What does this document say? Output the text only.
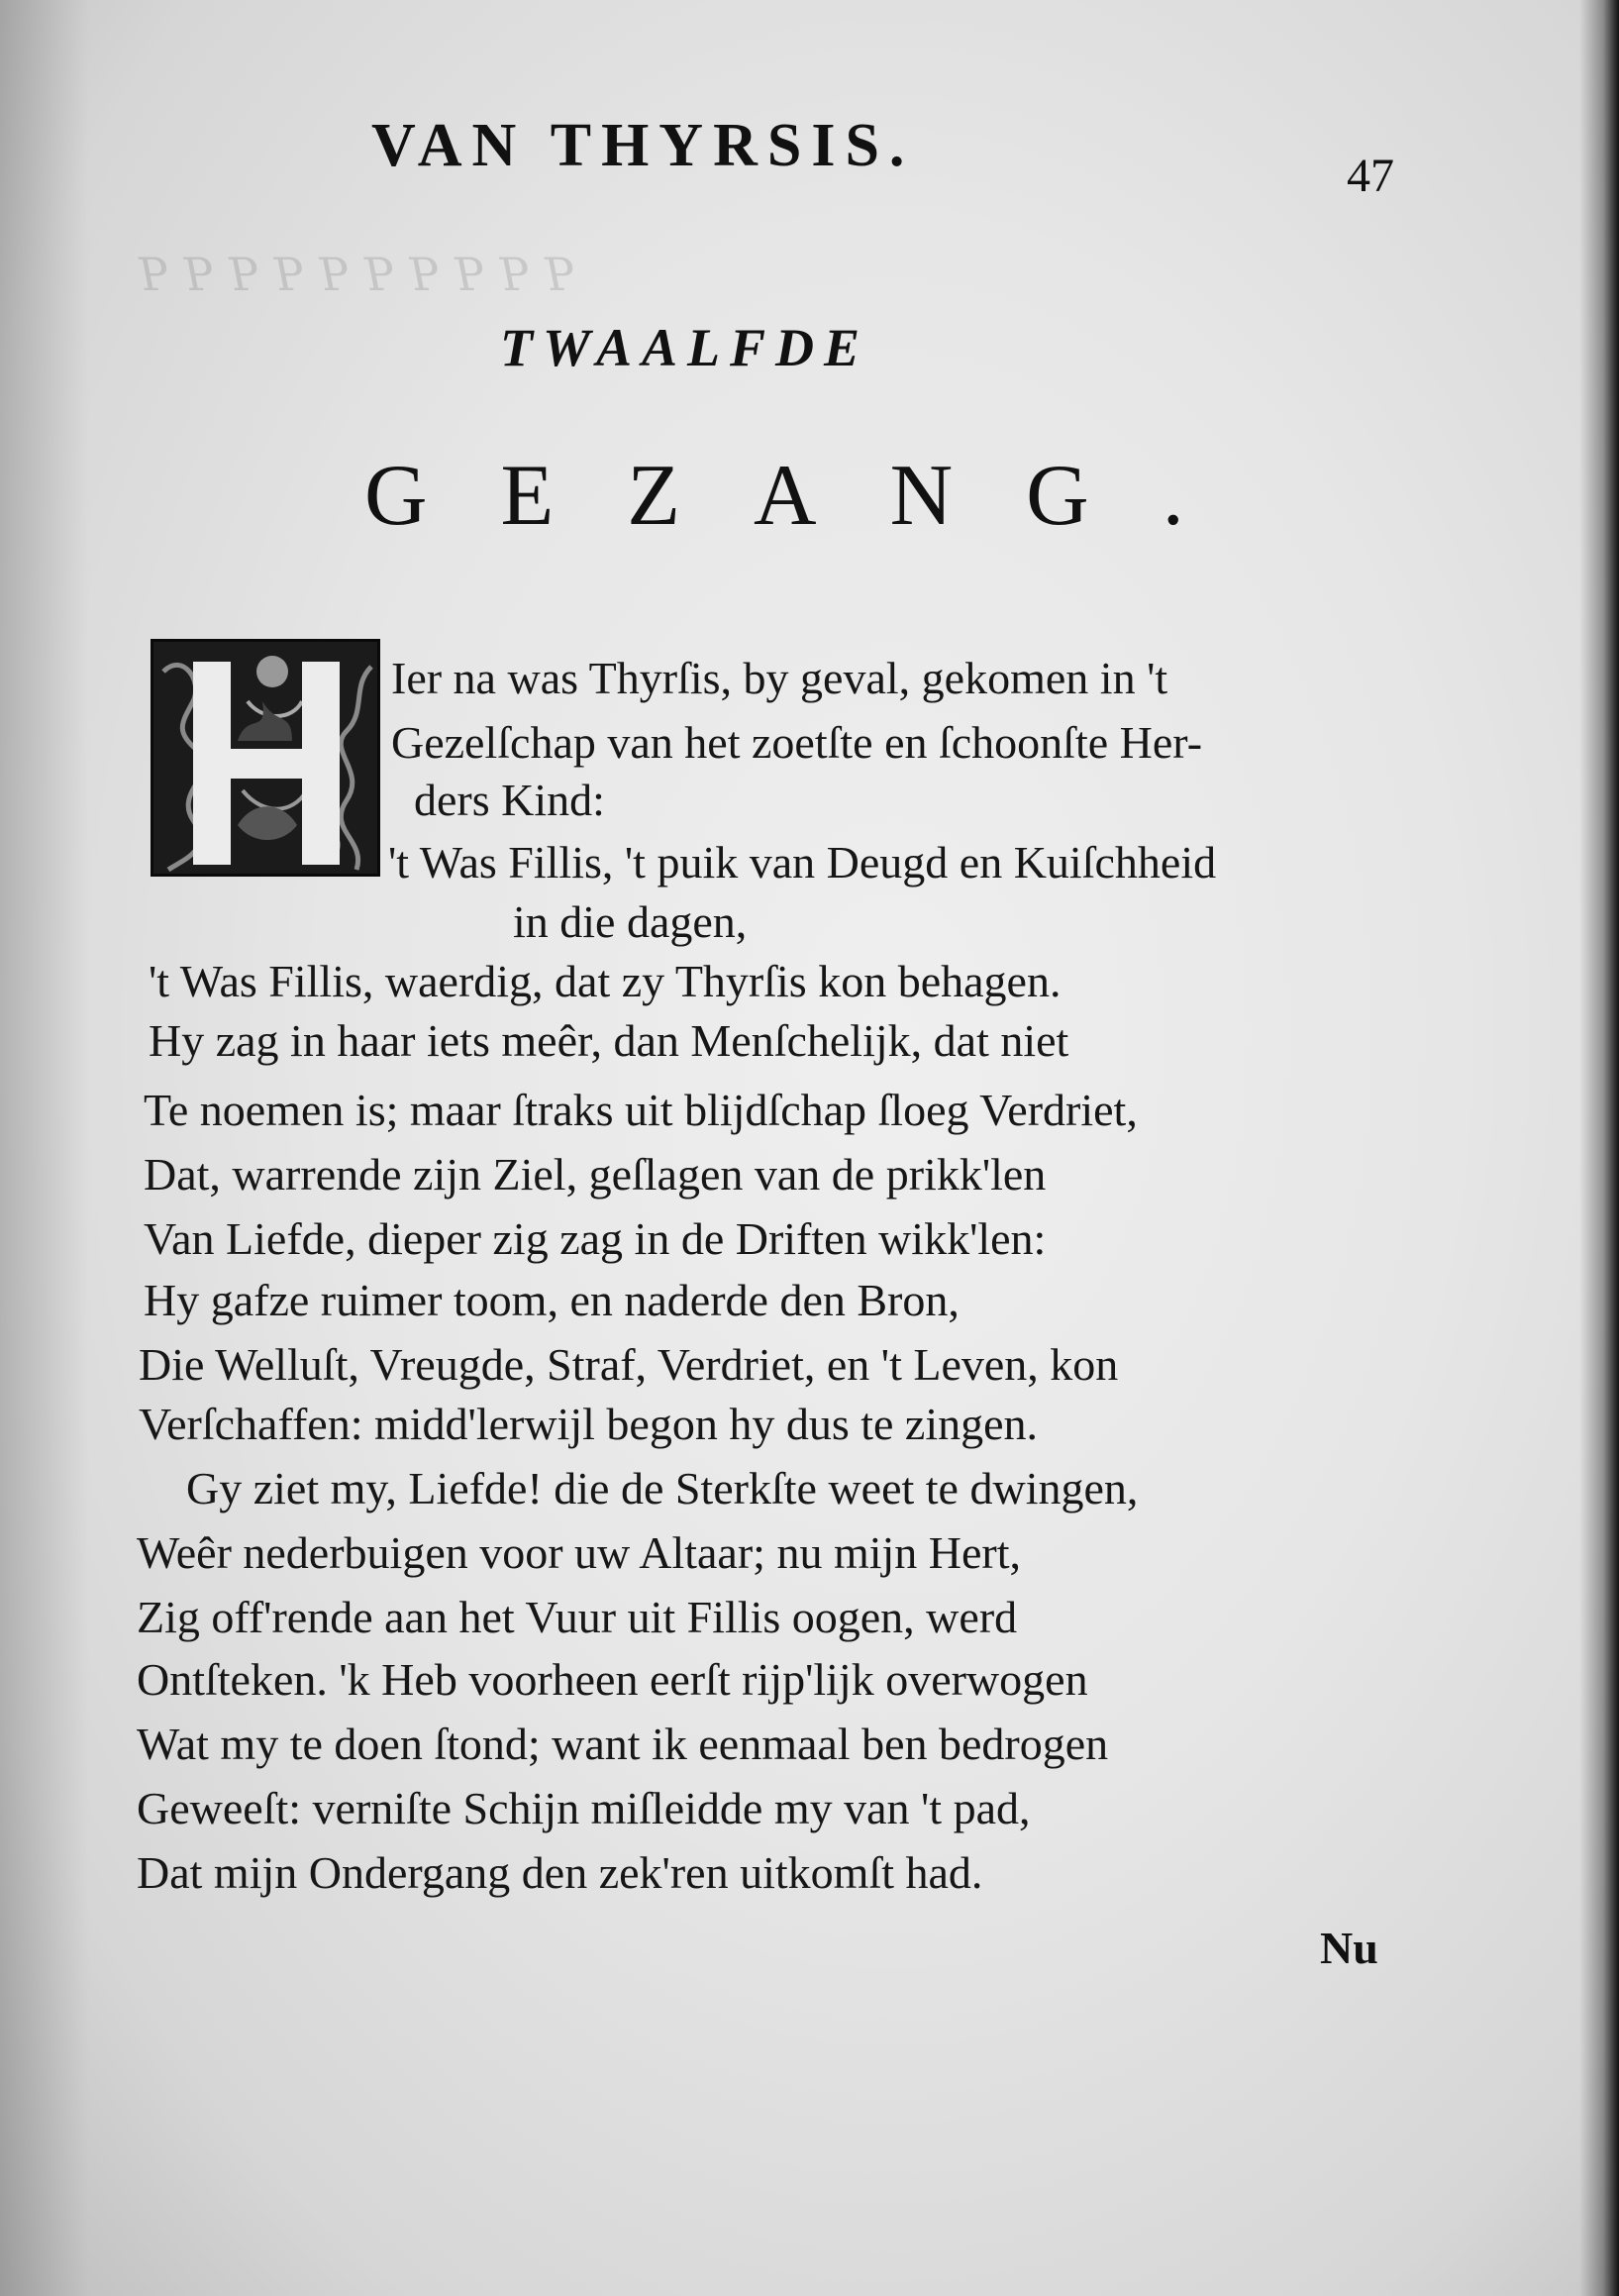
ꟼ ꟼ ꟼ ꟼ ꟼ ꟼ ꟼ ꟼ ꟼ ꟼ
VAN THYRSIS.	47
TWAALFDE
GEZANG.
Ier na was Thyrſis, by geval, gekomen in 't
Gezelſchap van het zoetſte en ſchoonſte Her-
ders Kind:
't Was Fillis, 't puik van Deugd en Kuiſchheid
in die dagen,
't Was Fillis, waerdig, dat zy Thyrſis kon behagen.
Hy zag in haar iets meêr, dan Menſchelijk, dat niet
Te noemen is; maar ſtraks uit blijdſchap ſloeg Verdriet,
Dat, warrende zijn Ziel, geſlagen van de prikk'len
Van Liefde, dieper zig zag in de Driften wikk'len:
Hy gafze ruimer toom, en naderde den Bron,
Die Welluſt, Vreugde, Straf, Verdriet, en 't Leven, kon
Verſchaffen: midd'lerwijl begon hy dus te zingen.
Gy ziet my, Liefde! die de Sterkſte weet te dwingen,
Weêr nederbuigen voor uw Altaar; nu mijn Hert,
Zig off'rende aan het Vuur uit Fillis oogen, werd
Ontſteken. 'k Heb voorheen eerſt rijp'lijk overwogen
Wat my te doen ſtond; want ik eenmaal ben bedrogen
Geweeſt: verniſte Schijn miſleidde my van 't pad,
Dat mijn Ondergang den zek'ren uitkomſt had.
Nu
